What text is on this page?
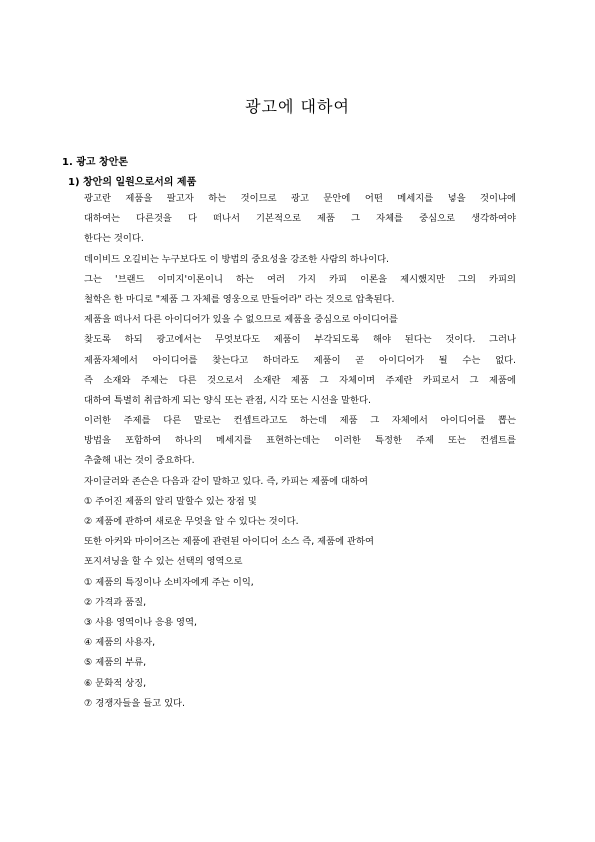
광고에 대하여
1. 광고 창안론
1) 창안의 일원으로서의 제품
광고란 제품을 팔고자 하는 것이므로 광고 문안에 어떤 메세지를 넣을 것이냐에
대하여는 다른것을 다 떠나서 기본적으로 제품 그 자체를 중심으로 생각하여야
한다는 것이다.
데이비드 오길비는 누구보다도 이 방법의 중요성을 강조한 사람의 하나이다.
그는 '브랜드 이미지'이론이니 하는 여러 가지 카피 이론을 제시했지만 그의 카피의
철학은 한 마디로 "제품 그 자체를 영웅으로 만들어라" 라는 것으로 압축된다.
제품을 떠나서 다른 아이디어가 있을 수 없으므로 제품을 중심으로 아이디어를
찾도록 하되 광고에서는 무엇보다도 제품이 부각되도록 해야 된다는 것이다. 그러나
제품자체에서 아이디어를 찾는다고 하더라도 제품이 곧 아이디어가 될 수는 없다.
즉 소재와 주제는 다른 것으로서 소재란 제품 그 자체이며 주제란 카피로서 그 제품에
대하여 특별히 취급하게 되는 양식 또는 관점, 시각 또는 시선을 말한다.
이러한 주제를 다른 말로는 컨셉트라고도 하는데 제품 그 자체에서 아이디어를 뽑는
방법을 포함하여 하나의 메세지를 표현하는데는 이러한 특정한 주제 또는 컨셉트를
추출해 내는 것이 중요하다.
자이글러와 존슨은 다음과 같이 말하고 있다. 즉, 카피는 제품에 대하여
① 주어진 제품의 알리 말할수 있는 장점 및
② 제품에 관하여 새로운 무엇을 알 수 있다는 것이다.
또한 아커와 마이어즈는 제품에 관련된 아이디어 소스 즉, 제품에 관하여
포지셔닝을 할 수 있는 선택의 영역으로
① 제품의 특징이나 소비자에게 주는 이익,
② 가격과 품질,
③ 사용 영역이나 응용 영역,
④ 제품의 사용자,
⑤ 제품의 부류,
⑥ 문화적 상징,
⑦ 경쟁자들을 들고 있다.
